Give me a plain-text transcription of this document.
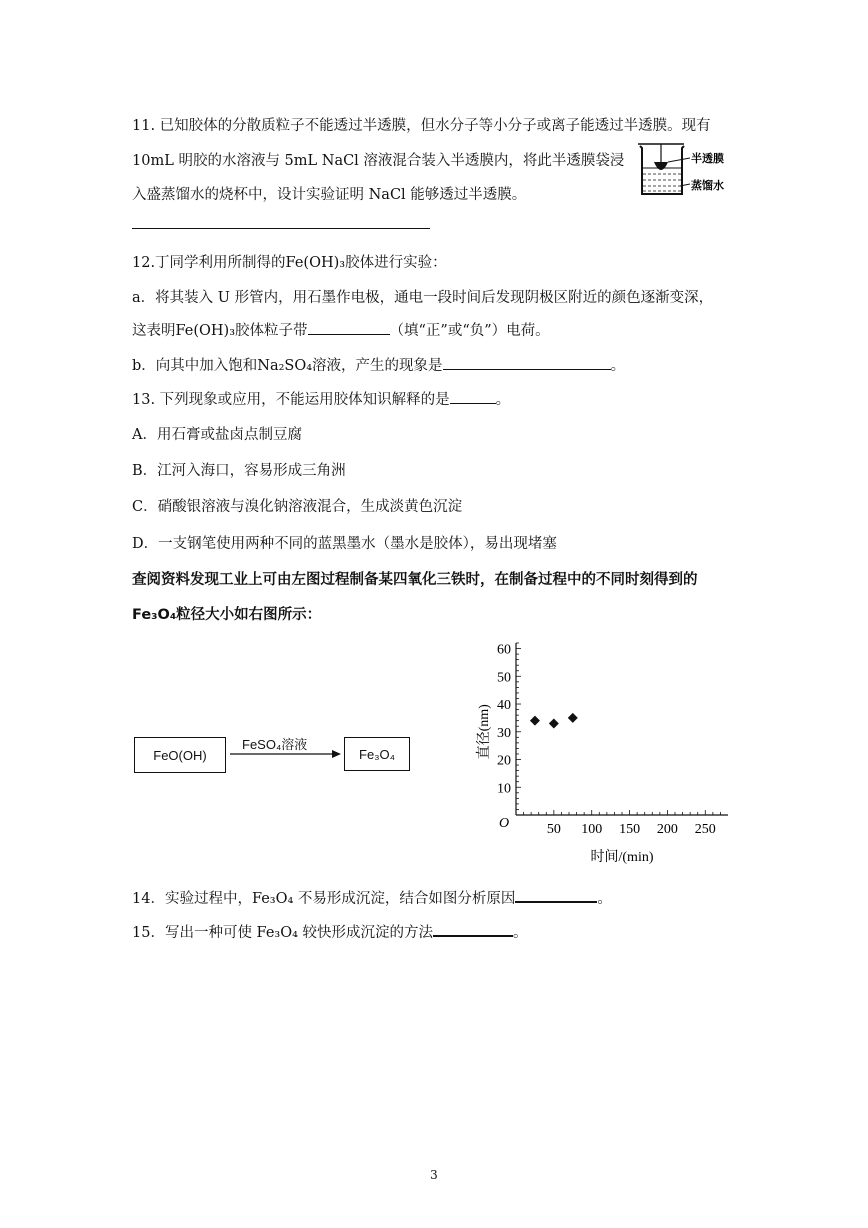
11. 已知胶体的分散质粒子不能透过半透膜，但水分子等小分子或离子能透过半透膜。现有
10mL 明胶的水溶液与 5mL NaCl 溶液混合装入半透膜内，将此半透膜袋浸
入盛蒸馏水的烧杯中，设计实验证明 NaCl 能够透过半透膜。
半透膜
蒸馏水
12.丁同学利用所制得的Fe(OH)₃胶体进行实验：
a．将其装入 U 形管内，用石墨作电极，通电一段时间后发现阴极区附近的颜色逐渐变深，
这表明Fe(OH)₃胶体粒子带	（填“正”或“负”）电荷。
b．向其中加入饱和Na₂SO₄溶液，产生的现象是	。
13. 下列现象或应用，不能运用胶体知识解释的是	。
A．用石膏或盐卤点制豆腐
B．江河入海口，容易形成三角洲
C．硝酸银溶液与溴化钠溶液混合，生成淡黄色沉淀
D．一支钢笔使用两种不同的蓝黑墨水（墨水是胶体），易出现堵塞
查阅资料发现工业上可由左图过程制备某四氧化三铁时，在制备过程中的不同时刻得到的
Fe₃O₄粒径大小如右图所示：
FeO(OH)
FeSO₄溶液
Fe₃O₄
50 100 150 200 250
10
20
30
40
50
60
O
时间/(min)
直径(nm)
14．实验过程中，Fe₃O₄ 不易形成沉淀，结合如图分析原因	。
15．写出一种可使 Fe₃O₄ 较快形成沉淀的方法	。
3
